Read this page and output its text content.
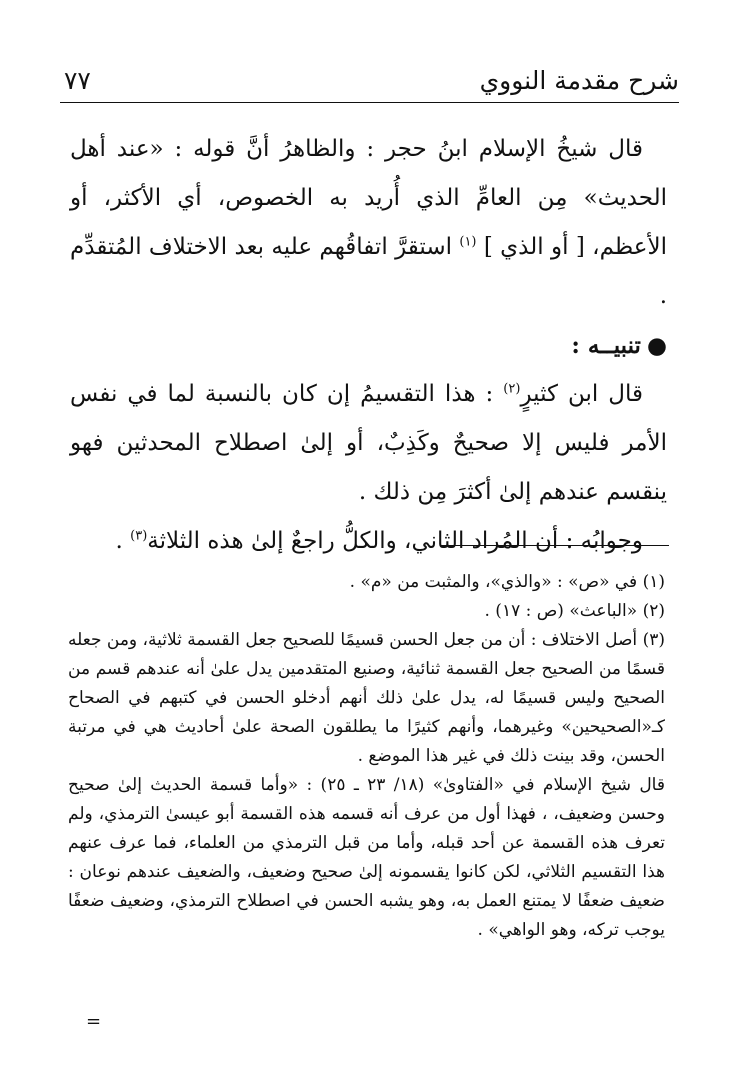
شرح مقدمة النووي
٧٧

قال شيخُ الإسلام ابنُ حجر : والظاهرُ أنَّ قوله : «عند أهل الحديث» مِن العامِّ الذي أُريد به الخصوص، أي الأكثر، أو الأعظم، [ أو الذي ] $^{(١)}$ استقرَّ اتفاقُهم عليه بعد الاختلاف المُتقدِّم .

●تنبيــه :

قال ابن كثيرٍ$^{(٢)}$ : هذا التقسيمُ إن كان بالنسبة لما في نفس الأمر فليس إلا صحيحٌ وكَذِبٌ، أو إلىٰ اصطلاح المحدثين فهو ينقسم عندهم إلىٰ أكثرَ مِن ذلك .

وجوابُه : أن المُراد الثاني، والكلُّ راجعٌ إلىٰ هذه الثلاثة$^{(٣)}$ .

(١) في «ص» : «والذي»، والمثبت من «م» .

(٢) «الباعث» (ص : ١٧) .

(٣) أصل الاختلاف : أن من جعل الحسن قسيمًا للصحيح جعل القسمة ثلاثية، ومن جعله قسمًا من الصحيح جعل القسمة ثنائية، وصنيع المتقدمين يدل علىٰ أنه عندهم قسم من الصحيح وليس قسيمًا له، يدل علىٰ ذلك أنهم أدخلو الحسن في كتبهم في الصحاح كـ«الصحيحين» وغيرهما، وأنهم كثيرًا ما يطلقون الصحة علىٰ أحاديث هي في مرتبة الحسن، وقد بينت ذلك في غير هذا الموضع .

قال شيخ الإسلام في «الفتاوىٰ» (١٨/ ٢٣ ـ ٢٥) : «وأما قسمة الحديث إلىٰ صحيح وحسن وضعيف، ، فهذا أول من عرف أنه قسمه هذه القسمة أبو عيسىٰ الترمذي، ولم تعرف هذه القسمة عن أحد قبله، وأما من قبل الترمذي من العلماء، فما عرف عنهم هذا التقسيم الثلاثي، لكن كانوا يقسمونه إلىٰ صحيح وضعيف، والضعيف عندهم نوعان : ضعيف ضعفًا لا يمتنع العمل به، وهو يشبه الحسن في اصطلاح الترمذي، وضعيف ضعفًا يوجب تركه، وهو الواهي» .

=
